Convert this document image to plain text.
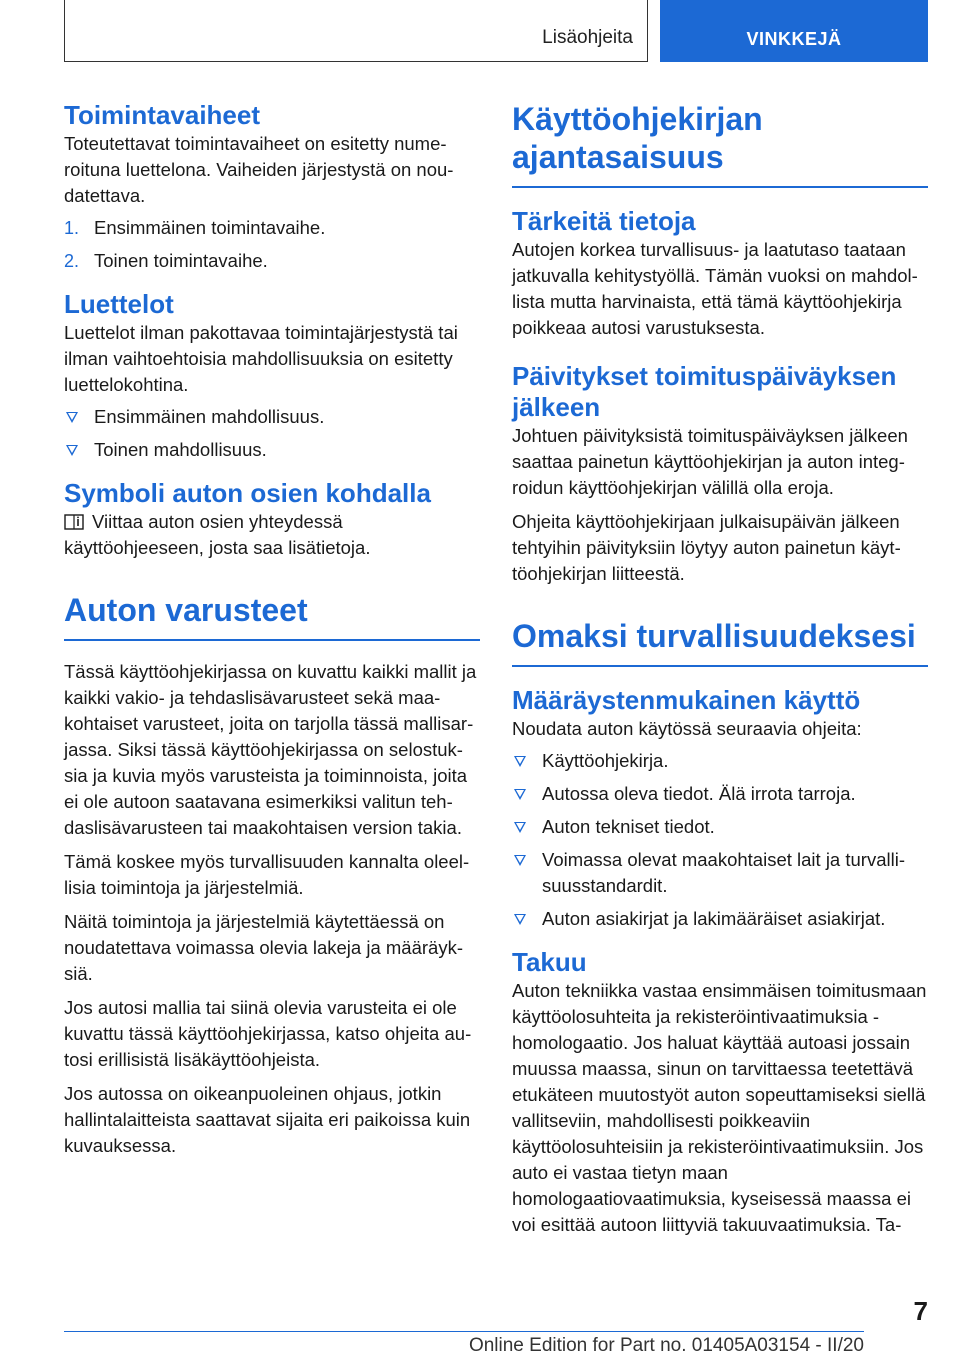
Lisäohjeita	VINKKEJÄ
Toimintavaiheet

Toteutettavat toimintavaiheet on esitetty numeroituna luettelona. Vaiheiden järjestystä on noudatettava.

1. Ensimmäinen toimintavaihe.
2. Toinen toimintavaihe.
Luettelot

Luettelot ilman pakottavaa toimintajärjestystä tai ilman vaihtoehtoisia mahdollisuuksia on esitetty luettelokohtina.

Ensimmäinen mahdollisuus.
Toinen mahdollisuus.
Symboli auton osien kohdalla

Viittaa auton osien yhteydessä käyttöohjeeseen, josta saa lisätietoja.

Auton varusteet

Tässä käyttöohjekirjassa on kuvattu kaikki mallit ja kaikki vakio- ja tehdaslisävarusteet sekä maakohtaiset varusteet, joita on tarjolla tässä mallisarjassa. Siksi tässä käyttöohjekirjassa on selostuksia ja kuvia myös varusteista ja toiminnoista, joita ei ole autoon saatavana esimerkiksi valitun tehdaslisävarusteen tai maakohtaisen version takia.

Tämä koskee myös turvallisuuden kannalta oleellisia toimintoja ja järjestelmiä.

Näitä toimintoja ja järjestelmiä käytettäessä on noudatettava voimassa olevia lakeja ja määräyksiä.

Jos autosi mallia tai siinä olevia varusteita ei ole kuvattu tässä käyttöohjekirjassa, katso ohjeita autosi erillisistä lisäkäyttöohjeista.

Jos autossa on oikeanpuoleinen ohjaus, jotkin hallintalaitteista saattavat sijaita eri paikoissa kuin kuvauksessa.

Käyttöohjekirjan ajantasaisuus
Tärkeitä tietoja

Autojen korkea turvallisuus- ja laatutaso taataan jatkuvalla kehitystyöllä. Tämän vuoksi on mahdollista mutta harvinaista, että tämä käyttöohjekirja poikkeaa autosi varustuksesta.

Päivitykset toimituspäiväyksen jälkeen

Johtuen päivityksistä toimituspäiväyksen jälkeen saattaa painetun käyttöohjekirjan ja auton integroidun käyttöohjekirjan välillä olla eroja.

Ohjeita käyttöohjekirjaan julkaisupäivän jälkeen tehtyihin päivityksiin löytyy auton painetun käyttöohjekirjan liitteestä.

Omaksi turvallisuudeksesi
Määräystenmukainen käyttö

Noudata auton käytössä seuraavia ohjeita:

Käyttöohjekirja.
Autossa oleva tiedot. Älä irrota tarroja.
Auton tekniset tiedot.
Voimassa olevat maakohtaiset lait ja turvallisuusstandardit.
Auton asiakirjat ja lakimääräiset asiakirjat.
Takuu

Auton tekniikka vastaa ensimmäisen toimitusmaan käyttöolosuhteita ja rekisteröintivaatimuksia - homologaatio. Jos haluat käyttää autoasi jossain muussa maassa, sinun on tarvittaessa teetettävä etukäteen muutostyöt auton sopeuttamiseksi siellä vallitseviin, mahdollisesti poikkeaviin käyttöolosuhteisiin ja rekisteröintivaatimuksiin. Jos auto ei vastaa tietyn maan homologaatiovaatimuksia, kyseisessä maassa ei voi esittää autoon liittyviä takuuvaatimuksia. Ta-

7
Online Edition for Part no. 01405A03154 - II/20
